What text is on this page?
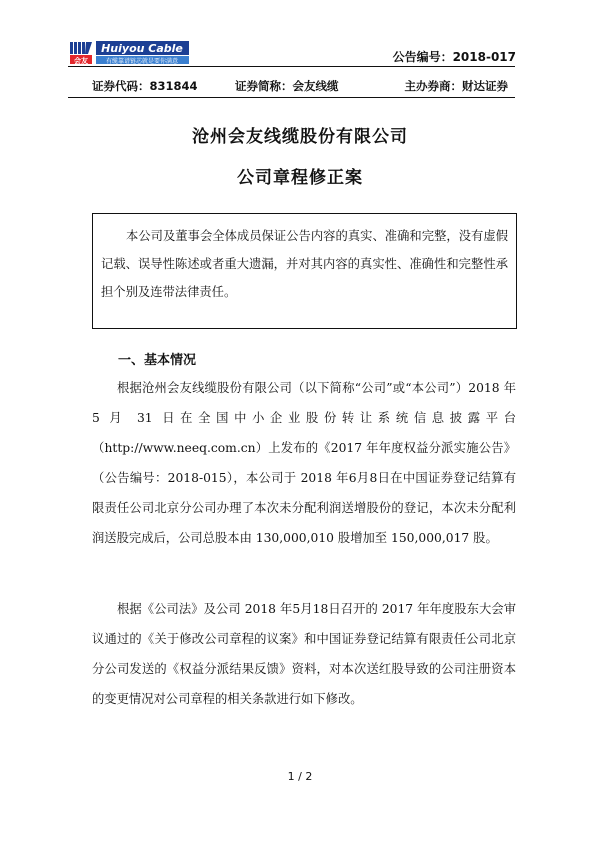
Huiyou Cable
有缆靠谱链芯就是要你满意
会友	公告编号：2018-017
证券代码：831844	证券简称：会友线缆	主办券商：财达证券
沧州会友线缆股份有限公司
公司章程修正案
本公司及董事会全体成员保证公告内容的真实、准确和完整，没有虚假记载、误导性陈述或者重大遗漏，并对其内容的真实性、准确性和完整性承担个别及连带法律责任。
一、基本情况
根据沧州会友线缆股份有限公司（以下简称“公司”或“本公司”）2018 年 5 月 31 日在全国中小企业股份转让系统信息披露平台（http://www.neeq.com.cn）上发布的《2017 年年度权益分派实施公告》（公告编号：2018-015），本公司于 2018 年6月8日在中国证券登记结算有限责任公司北京分公司办理了本次未分配利润送增股份的登记，本次未分配利润送股完成后，公司总股本由 130,000,010 股增加至 150,000,017 股。
根据《公司法》及公司 2018 年5月18日召开的 2017 年年度股东大会审议通过的《关于修改公司章程的议案》和中国证券登记结算有限责任公司北京分公司发送的《权益分派结果反馈》资料，对本次送红股导致的公司注册资本的变更情况对公司章程的相关条款进行如下修改。
1 / 2
